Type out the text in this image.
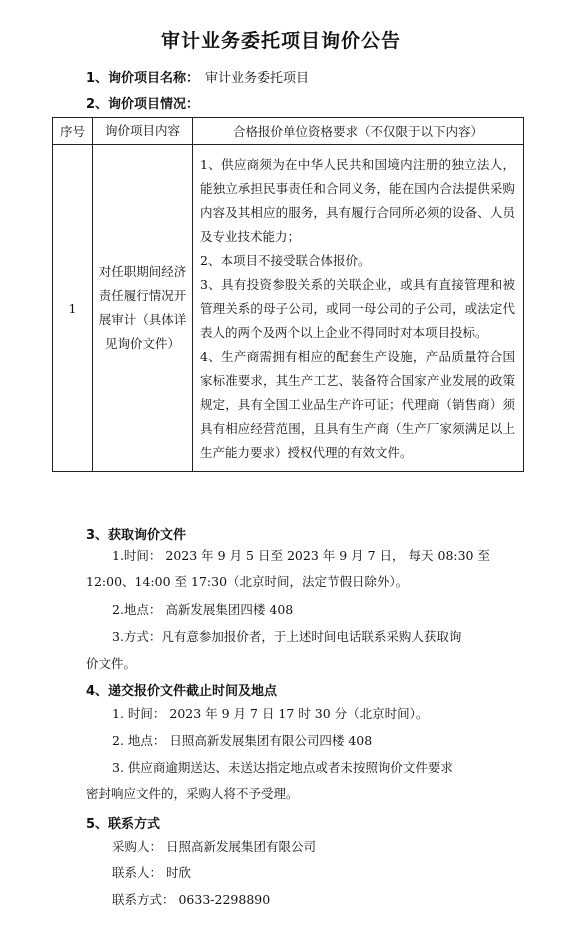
审计业务委托项目询价公告
1、询价项目名称： 审计业务委托项目
2、询价项目情况：
序号	询价项目内容	合格报价单位资格要求（不仅限于以下内容）
1	对任职期间经济责任履行情况开展审计（具体详见询价文件）	1、供应商须为在中华人民共和国境内注册的独立法人，能独立承担民事责任和合同义务，能在国内合法提供采购内容及其相应的服务，具有履行合同所必须的设备、人员及专业技术能力；

2、本项目不接受联合体报价。

3、具有投资参股关系的关联企业，或具有直接管理和被管理关系的母子公司，或同一母公司的子公司，或法定代表人的两个及两个以上企业不得同时对本项目投标。

4、生产商需拥有相应的配套生产设施，产品质量符合国家标准要求，其生产工艺、装备符合国家产业发展的政策规定，具有全国工业品生产许可证；代理商（销售商）须具有相应经营范围，且具有生产商（生产厂家须满足以上生产能力要求）授权代理的有效文件。

3、获取询价文件
1.时间： 2023 年 9 月 5 日至 2023 年 9 月 7 日， 每天 08:30 至
12:00、14:00 至 17:30（北京时间，法定节假日除外）。
2.地点： 高新发展集团四楼 408
3.方式：凡有意参加报价者，于上述时间电话联系采购人获取询
价文件。
4、递交报价文件截止时间及地点
1. 时间： 2023 年 9 月 7 日 17 时 30 分（北京时间）。
2. 地点： 日照高新发展集团有限公司四楼 408
3. 供应商逾期送达、未送达指定地点或者未按照询价文件要求
密封响应文件的，采购人将不予受理。
5、联系方式
采购人： 日照高新发展集团有限公司
联系人： 时欣
联系方式： 0633-2298890
